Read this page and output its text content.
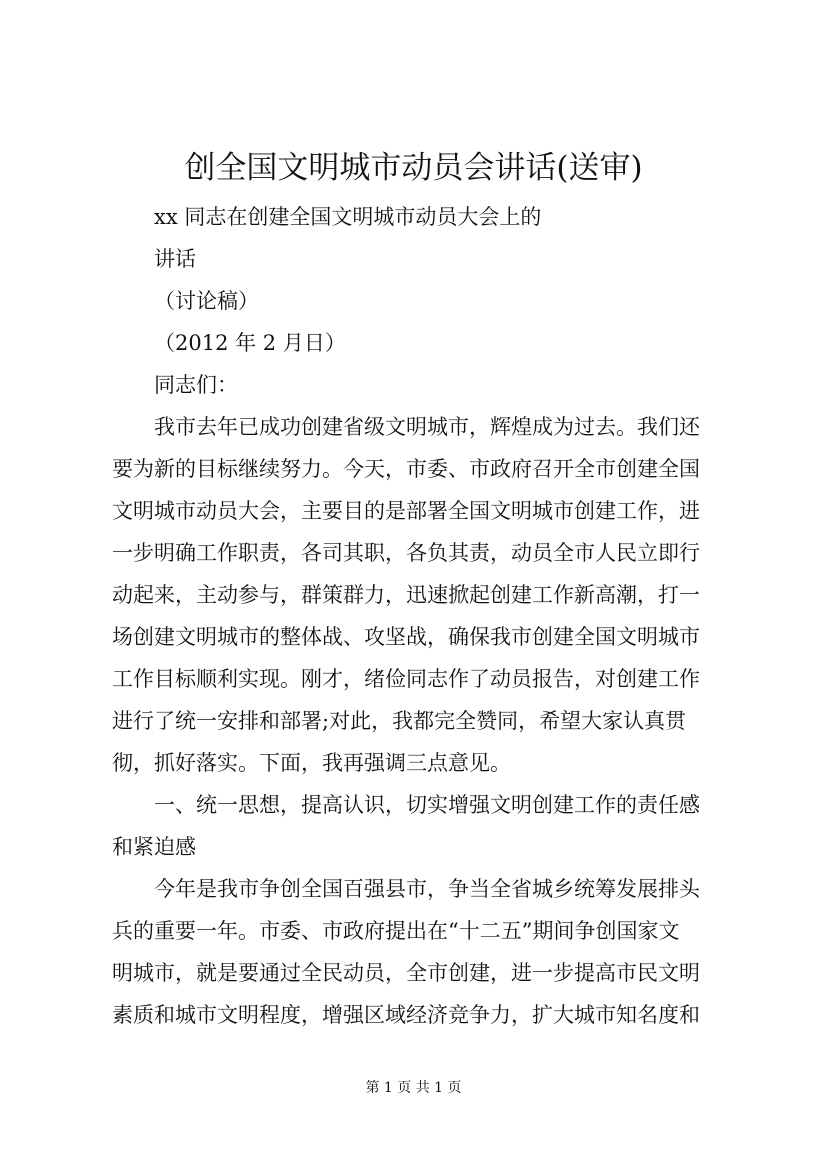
创全国文明城市动员会讲话(送审)
xx 同志在创建全国文明城市动员大会上的
讲话
（讨论稿）
（2012 年 2 月日）
同志们：
我市去年已成功创建省级文明城市，辉煌成为过去。我们还
要为新的目标继续努力。今天，市委、市政府召开全市创建全国
文明城市动员大会，主要目的是部署全国文明城市创建工作，进
一步明确工作职责，各司其职，各负其责，动员全市人民立即行
动起来，主动参与，群策群力，迅速掀起创建工作新高潮，打一
场创建文明城市的整体战、攻坚战，确保我市创建全国文明城市
工作目标顺利实现。刚才，绪俭同志作了动员报告，对创建工作
进行了统一安排和部署;对此，我都完全赞同，希望大家认真贯
彻，抓好落实。下面，我再强调三点意见。
一、统一思想，提高认识，切实增强文明创建工作的责任感
和紧迫感
今年是我市争创全国百强县市，争当全省城乡统筹发展排头
兵的重要一年。市委、市政府提出在“十二五”期间争创国家文
明城市，就是要通过全民动员，全市创建，进一步提高市民文明
素质和城市文明程度，增强区域经济竞争力，扩大城市知名度和
第 1 页 共 1 页
